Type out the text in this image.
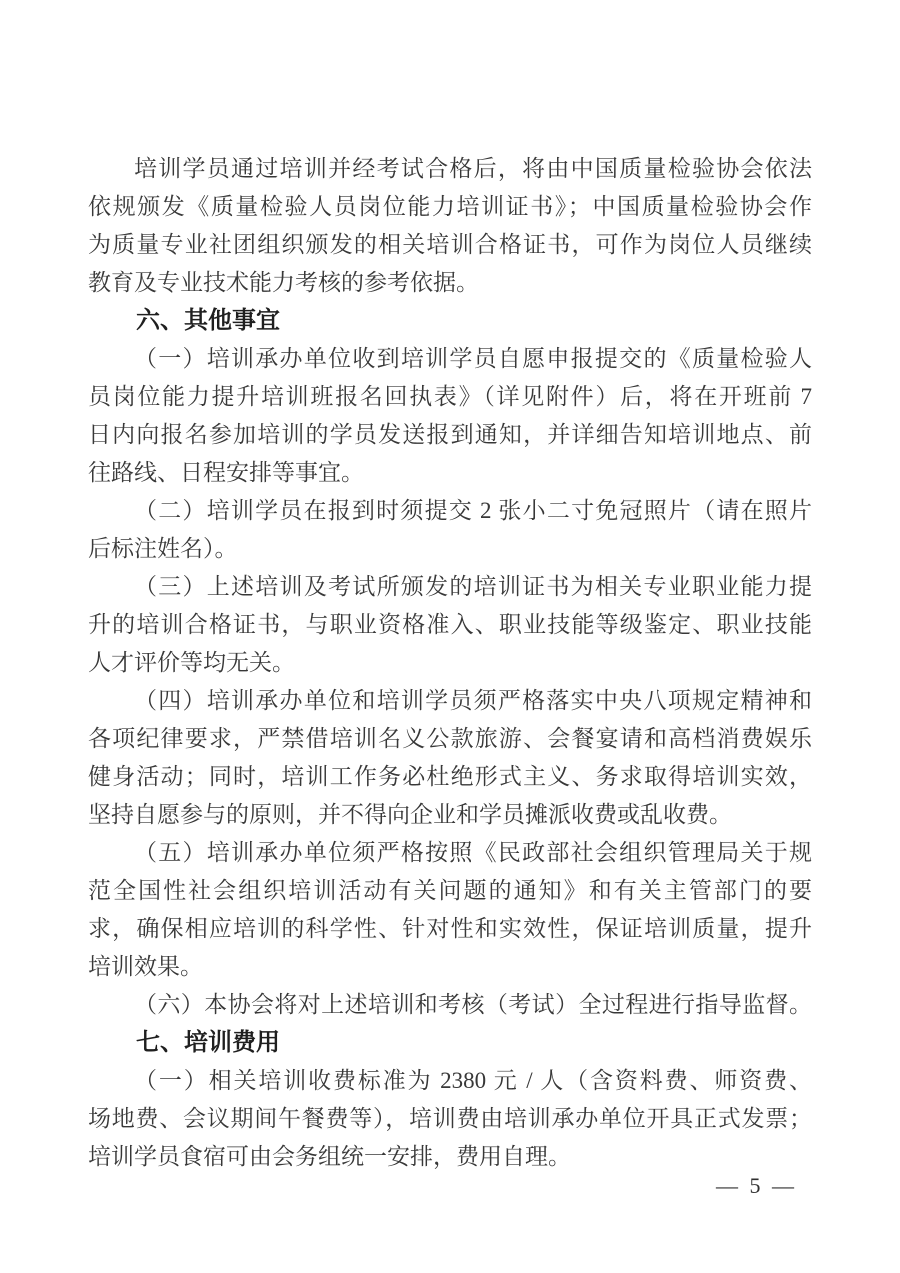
培训学员通过培训并经考试合格后，将由中国质量检验协会依法
依规颁发《质量检验人员岗位能力培训证书》；中国质量检验协会作
为质量专业社团组织颁发的相关培训合格证书，可作为岗位人员继续
教育及专业技术能力考核的参考依据。
六、其他事宜
（一）培训承办单位收到培训学员自愿申报提交的《质量检验人
员岗位能力提升培训班报名回执表》（详见附件）后，将在开班前 7
日内向报名参加培训的学员发送报到通知，并详细告知培训地点、前
往路线、日程安排等事宜。
（二）培训学员在报到时须提交 2 张小二寸免冠照片（请在照片
后标注姓名）。
（三）上述培训及考试所颁发的培训证书为相关专业职业能力提
升的培训合格证书，与职业资格准入、职业技能等级鉴定、职业技能
人才评价等均无关。
（四）培训承办单位和培训学员须严格落实中央八项规定精神和
各项纪律要求，严禁借培训名义公款旅游、会餐宴请和高档消费娱乐
健身活动；同时，培训工作务必杜绝形式主义、务求取得培训实效，
坚持自愿参与的原则，并不得向企业和学员摊派收费或乱收费。
（五）培训承办单位须严格按照《民政部社会组织管理局关于规
范全国性社会组织培训活动有关问题的通知》和有关主管部门的要
求，确保相应培训的科学性、针对性和实效性，保证培训质量，提升
培训效果。
（六）本协会将对上述培训和考核（考试）全过程进行指导监督。
七、培训费用
（一）相关培训收费标准为 2380 元 / 人（含资料费、师资费、
场地费、会议期间午餐费等），培训费由培训承办单位开具正式发票；
培训学员食宿可由会务组统一安排，费用自理。
— 5 —
